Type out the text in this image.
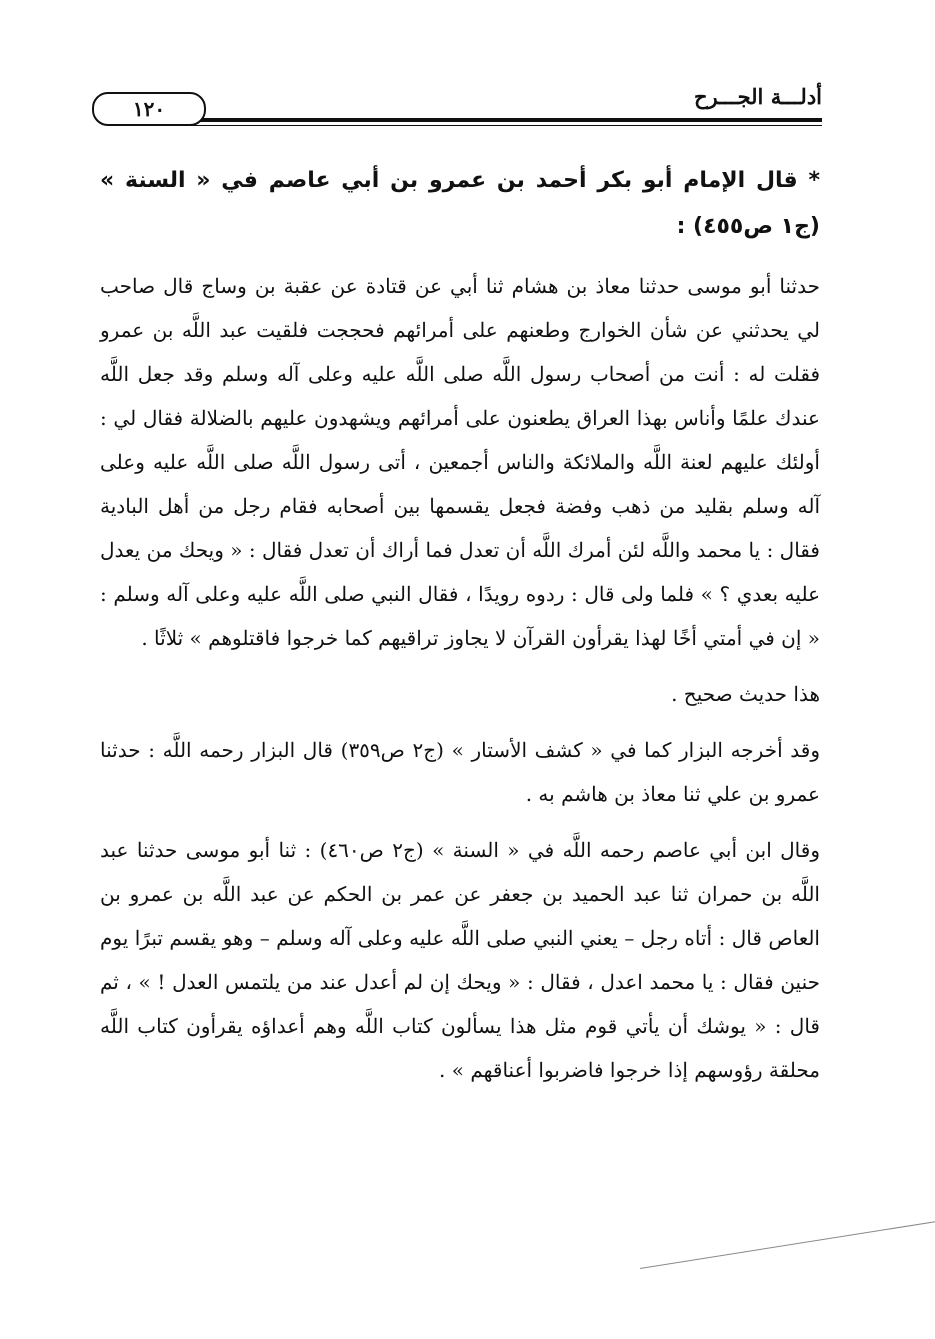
أدلـــة الجـــرح
١٢٠
* قال الإمام أبو بكر أحمد بن عمرو بن أبي عاصم في « السنة » (ج١ ص٤٥٥) :

حدثنا أبو موسى حدثنا معاذ بن هشام ثنا أبي عن قتادة عن عقبة بن وساج قال صاحب لي يحدثني عن شأن الخوارج وطعنهم على أمرائهم فحججت فلقيت عبد اللَّه بن عمرو فقلت له : أنت من أصحاب رسول اللَّه صلى اللَّه عليه وعلى آله وسلم وقد جعل اللَّه عندك علمًا وأناس بهذا العراق يطعنون على أمرائهم ويشهدون عليهم بالضلالة فقال لي : أولئك عليهم لعنة اللَّه والملائكة والناس أجمعين ، أتى رسول اللَّه صلى اللَّه عليه وعلى آله وسلم بقليد من ذهب وفضة فجعل يقسمها بين أصحابه فقام رجل من أهل البادية فقال : يا محمد واللَّه لئن أمرك اللَّه أن تعدل فما أراك أن تعدل فقال : « ويحك من يعدل عليه بعدي ؟ » فلما ولى قال : ردوه رويدًا ، فقال النبي صلى اللَّه عليه وعلى آله وسلم : « إن في أمتي أخًا لهذا يقرأون القرآن لا يجاوز تراقيهم كما خرجوا فاقتلوهم » ثلاثًا .

هذا حديث صحيح .

وقد أخرجه البزار كما في « كشف الأستار » (ج٢ ص٣٥٩) قال البزار رحمه اللَّه : حدثنا عمرو بن علي ثنا معاذ بن هاشم به .

وقال ابن أبي عاصم رحمه اللَّه في « السنة » (ج٢ ص٤٦٠) : ثنا أبو موسى حدثنا عبد اللَّه بن حمران ثنا عبد الحميد بن جعفر عن عمر بن الحكم عن عبد اللَّه بن عمرو بن العاص قال : أتاه رجل – يعني النبي صلى اللَّه عليه وعلى آله وسلم – وهو يقسم تبرًا يوم حنين فقال : يا محمد اعدل ، فقال : « ويحك إن لم أعدل عند من يلتمس العدل ! » ، ثم قال : « يوشك أن يأتي قوم مثل هذا يسألون كتاب اللَّه وهم أعداؤه يقرأون كتاب اللَّه محلقة رؤوسهم إذا خرجوا فاضربوا أعناقهم » .
